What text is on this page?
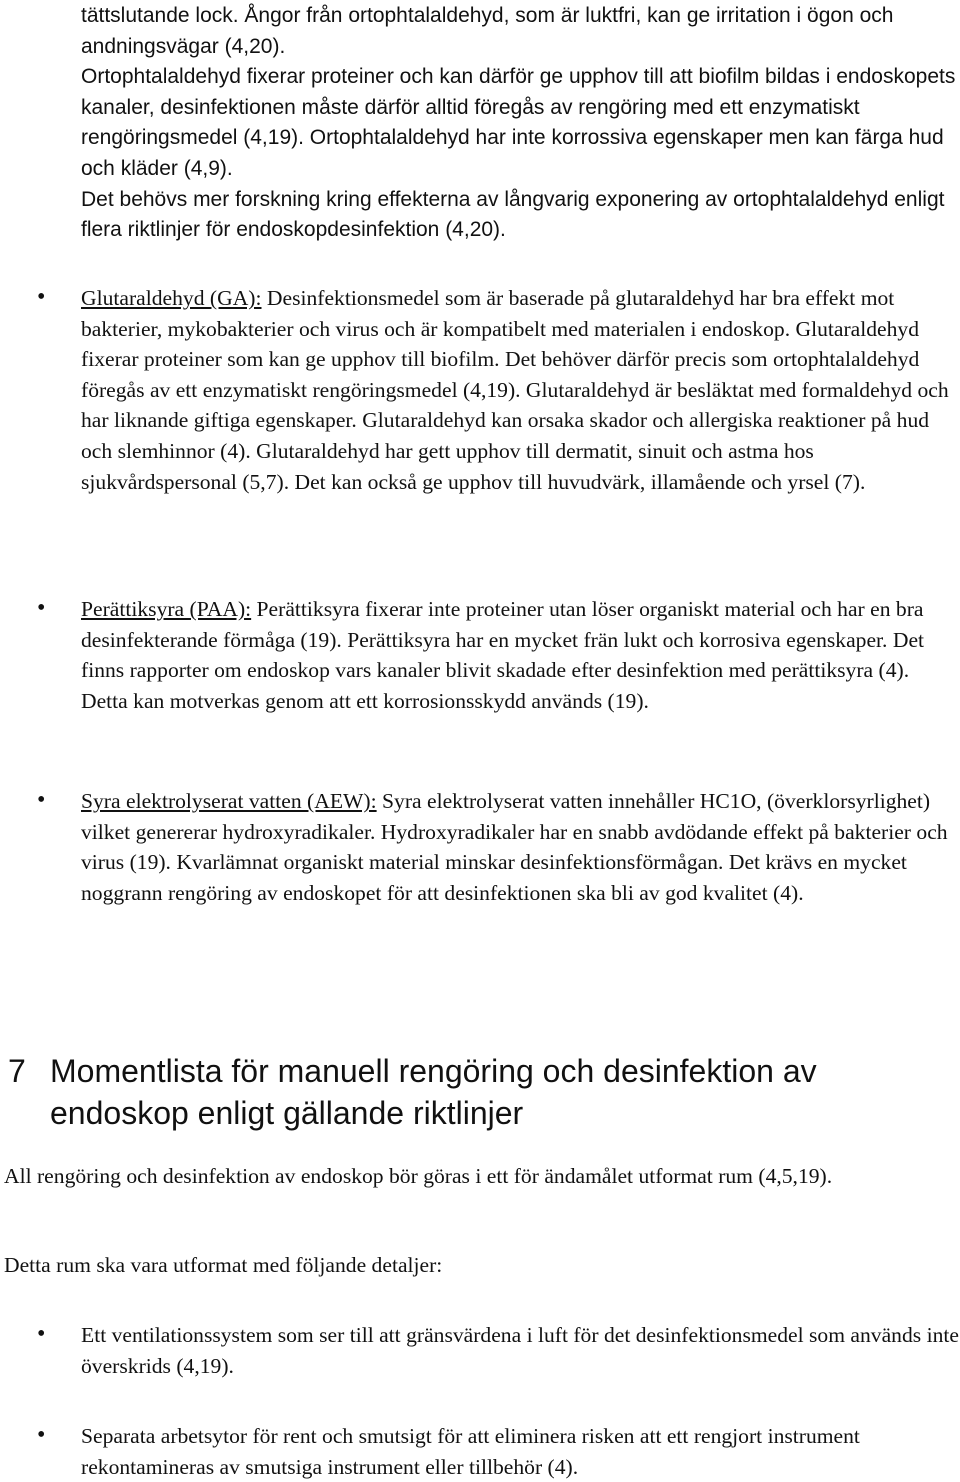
tättslutande lock. Ångor från ortophtalaldehyd, som är luktfri, kan ge irritation i ögon och andningsvägar (4,20).

Ortophtalaldehyd fixerar proteiner och kan därför ge upphov till att biofilm bildas i endoskopets kanaler, desinfektionen måste därför alltid föregås av rengöring med ett enzymatiskt rengöringsmedel (4,19). Ortophtalaldehyd har inte korrossiva egenskaper men kan färga hud och kläder (4,9).

Det behövs mer forskning kring effekterna av långvarig exponering av ortophtalaldehyd enligt flera riktlinjer för endoskopdesinfektion (4,20).

• Glutaraldehyd (GA): Desinfektionsmedel som är baserade på glutaraldehyd har bra effekt mot bakterier, mykobakterier och virus och är kompatibelt med materialen i endoskop. Glutaraldehyd fixerar proteiner som kan ge upphov till biofilm. Det behöver därför precis som ortophtalaldehyd föregås av ett enzymatiskt rengöringsmedel (4,19). Glutaraldehyd är besläktat med formaldehyd och har liknande giftiga egenskaper. Glutaraldehyd kan orsaka skador och allergiska reaktioner på hud och slemhinnor (4). Glutaraldehyd har gett upphov till dermatit, sinuit och astma hos sjukvårdspersonal (5,7). Det kan också ge upphov till huvudvärk, illamående och yrsel (7).
• Perättiksyra (PAA): Perättiksyra fixerar inte proteiner utan löser organiskt material och har en bra desinfekterande förmåga (19). Perättiksyra har en mycket frän lukt och korrosiva egenskaper. Det finns rapporter om endoskop vars kanaler blivit skadade efter desinfektion med perättiksyra (4). Detta kan motverkas genom att ett korrosionsskydd används (19).
• Syra elektrolyserat vatten (AEW): Syra elektrolyserat vatten innehåller HC1O, (överklorsyrlighet) vilket genererar hydroxyradikaler. Hydroxyradikaler har en snabb avdödande effekt på bakterier och virus (19). Kvarlämnat organiskt material minskar desinfektionsförmågan. Det krävs en mycket noggrann rengöring av endoskopet för att desinfektionen ska bli av god kvalitet (4).
7 Momentlista för manuell rengöring och desinfektion av endoskop enligt gällande riktlinjer

All rengöring och desinfektion av endoskop bör göras i ett för ändamålet utformat rum (4,5,19).

Detta rum ska vara utformat med följande detaljer:

• Ett ventilationssystem som ser till att gränsvärdena i luft för det desinfektionsmedel som används inte överskrids (4,19).
• Separata arbetsytor för rent och smutsigt för att eliminera risken att ett rengjort instrument rekontamineras av smutsiga instrument eller tillbehör (4).
